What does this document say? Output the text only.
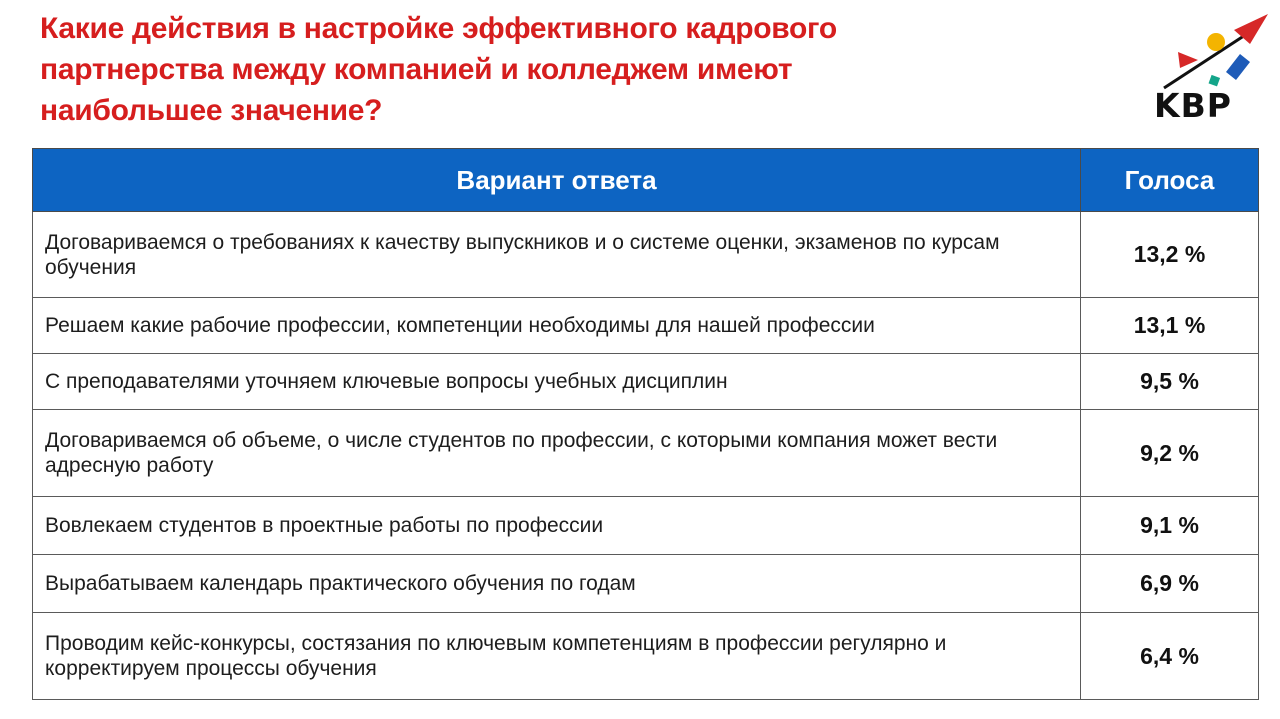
Какие действия в настройке эффективного кадрового
партнерства между компанией и колледжем имеют
наибольшее значение?	KBP
Вариант ответа	Голоса
Договариваемся о требованиях к качеству выпускников и о системе оценки, экзаменов по курсам обучения	13,2 %
Решаем какие рабочие профессии, компетенции необходимы для нашей профессии	13,1 %
С преподавателями уточняем ключевые вопросы учебных дисциплин	9,5 %
Договариваемся об объеме, о числе студентов по профессии, с которыми компания может вести адресную работу	9,2 %
Вовлекаем студентов в проектные работы по профессии	9,1 %
Вырабатываем календарь практического обучения по годам	6,9 %
Проводим кейс-конкурсы, состязания по ключевым компетенциям в профессии регулярно и корректируем процессы обучения	6,4 %
